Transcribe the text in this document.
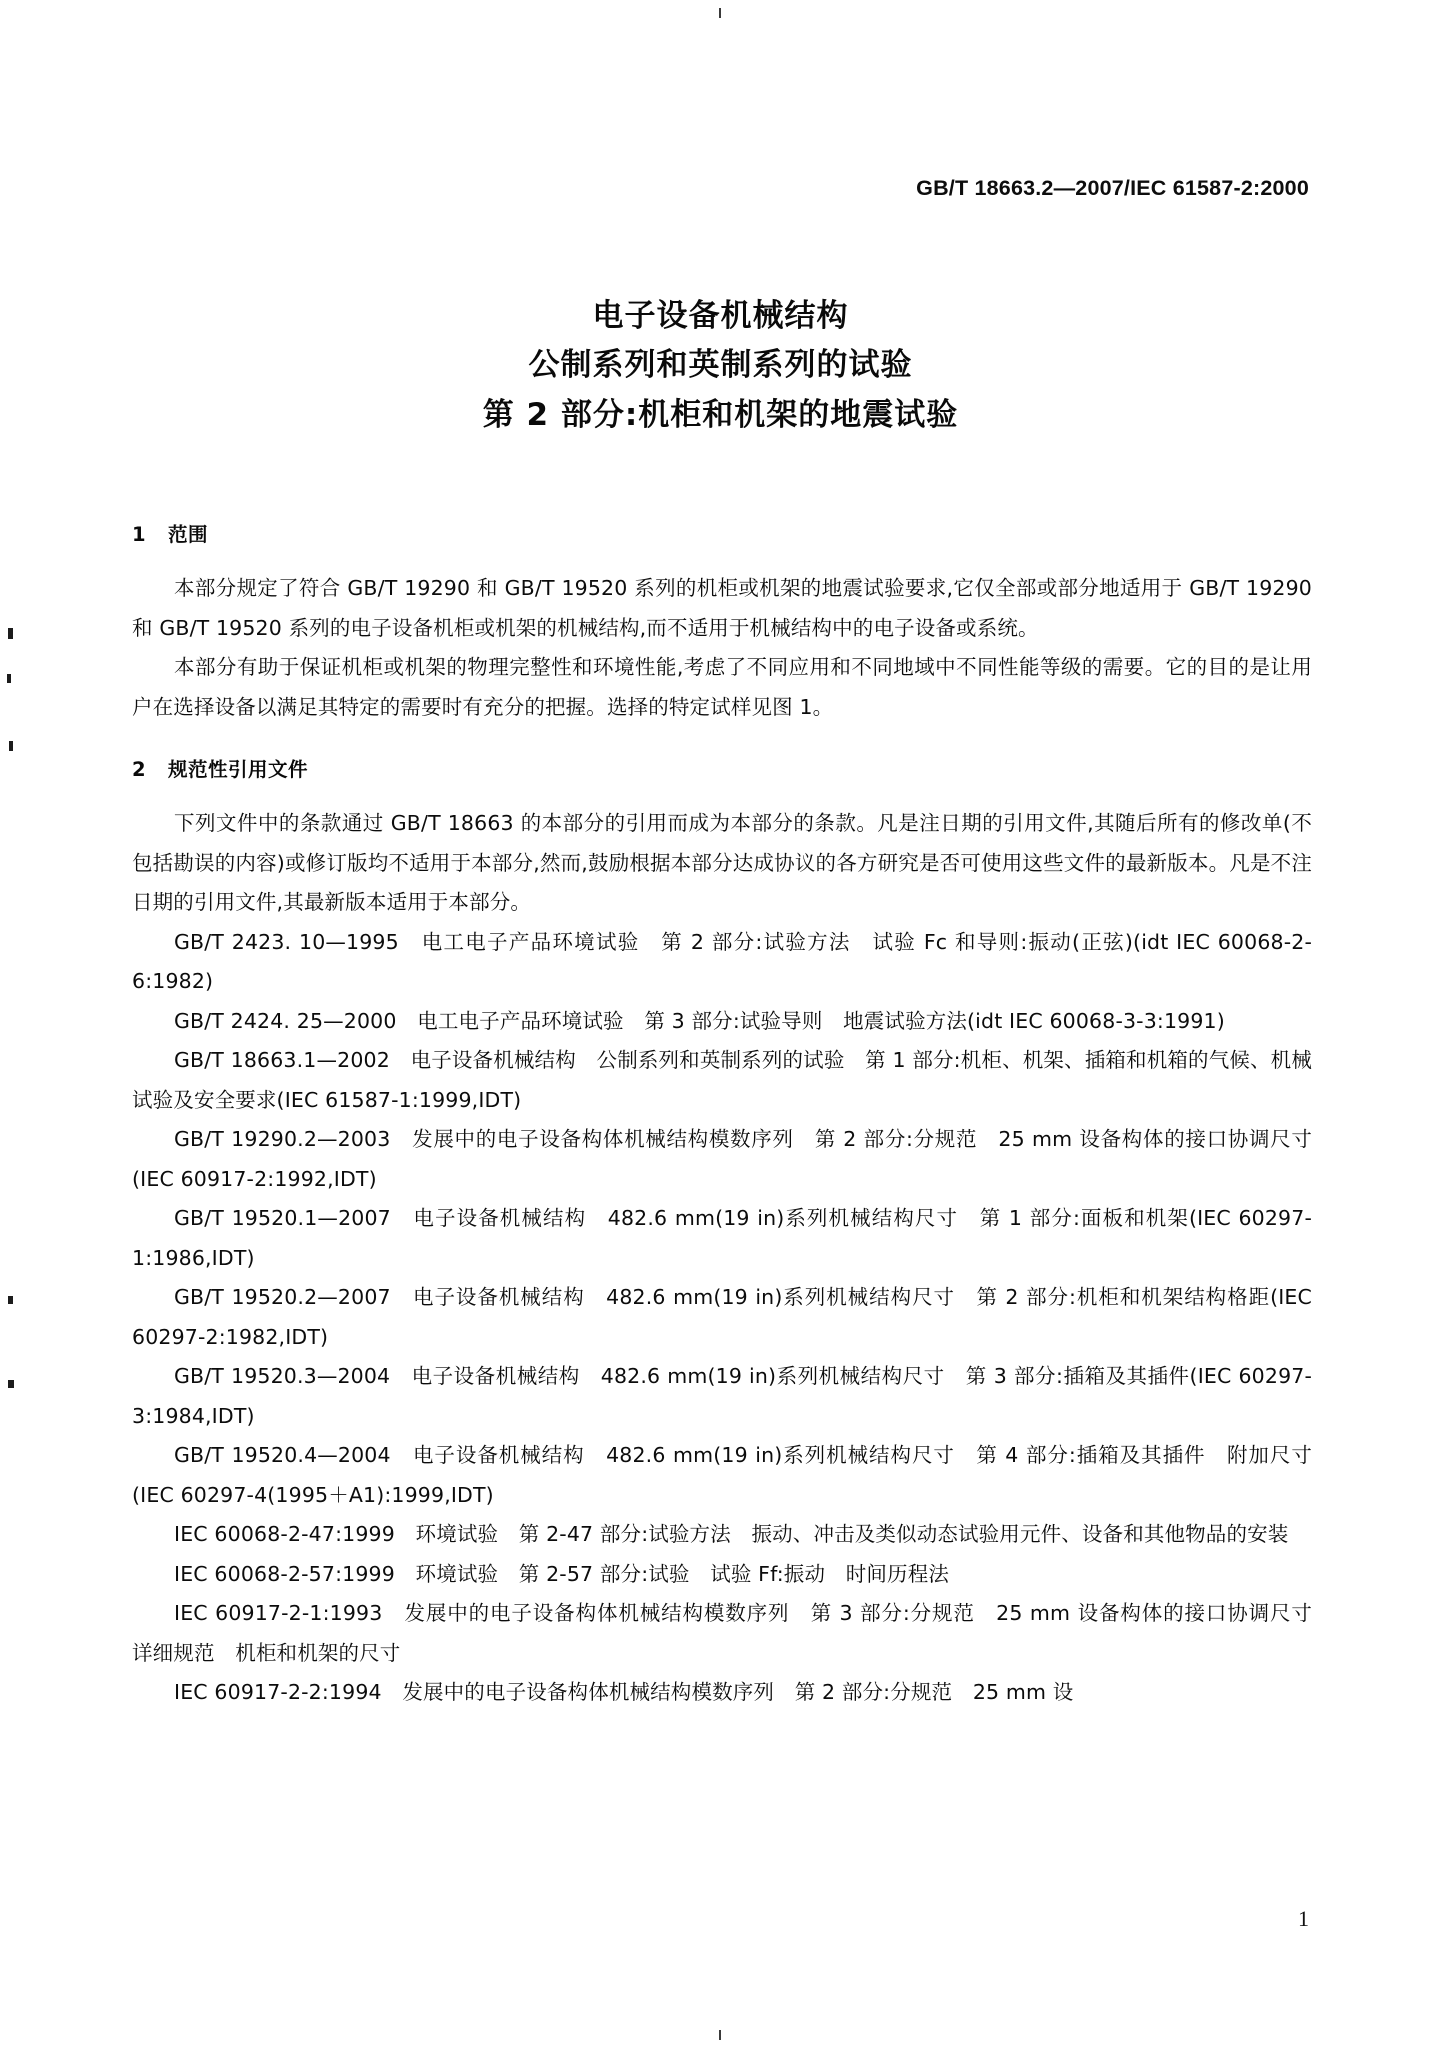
GB/T 18663.2—2007/IEC 61587-2:2000
电子设备机械结构
公制系列和英制系列的试验
第 2 部分:机柜和机架的地震试验
1 范围

本部分规定了符合 GB/T 19290 和 GB/T 19520 系列的机柜或机架的地震试验要求,它仅全部或部分地适用于 GB/T 19290 和 GB/T 19520 系列的电子设备机柜或机架的机械结构,而不适用于机械结构中的电子设备或系统。

本部分有助于保证机柜或机架的物理完整性和环境性能,考虑了不同应用和不同地域中不同性能等级的需要。它的目的是让用户在选择设备以满足其特定的需要时有充分的把握。选择的特定试样见图 1。

2 规范性引用文件

下列文件中的条款通过 GB/T 18663 的本部分的引用而成为本部分的条款。凡是注日期的引用文件,其随后所有的修改单(不包括勘误的内容)或修订版均不适用于本部分,然而,鼓励根据本部分达成协议的各方研究是否可使用这些文件的最新版本。凡是不注日期的引用文件,其最新版本适用于本部分。

GB/T 2423. 10—1995　电工电子产品环境试验　第 2 部分:试验方法　试验 Fc 和导则:振动(正弦)(idt IEC 60068-2-6:1982)

GB/T 2424. 25—2000　电工电子产品环境试验　第 3 部分:试验导则　地震试验方法(idt IEC 60068-3-3:1991)

GB/T 18663.1—2002　电子设备机械结构　公制系列和英制系列的试验　第 1 部分:机柜、机架、插箱和机箱的气候、机械试验及安全要求(IEC 61587-1:1999,IDT)

GB/T 19290.2—2003　发展中的电子设备构体机械结构模数序列　第 2 部分:分规范　25 mm 设备构体的接口协调尺寸(IEC 60917-2:1992,IDT)

GB/T 19520.1—2007　电子设备机械结构　482.6 mm(19 in)系列机械结构尺寸　第 1 部分:面板和机架(IEC 60297-1:1986,IDT)

GB/T 19520.2—2007　电子设备机械结构　482.6 mm(19 in)系列机械结构尺寸　第 2 部分:机柜和机架结构格距(IEC 60297-2:1982,IDT)

GB/T 19520.3—2004　电子设备机械结构　482.6 mm(19 in)系列机械结构尺寸　第 3 部分:插箱及其插件(IEC 60297-3:1984,IDT)

GB/T 19520.4—2004　电子设备机械结构　482.6 mm(19 in)系列机械结构尺寸　第 4 部分:插箱及其插件　附加尺寸(IEC 60297-4(1995＋A1):1999,IDT)

IEC 60068-2-47:1999　环境试验　第 2-47 部分:试验方法　振动、冲击及类似动态试验用元件、设备和其他物品的安装

IEC 60068-2-57:1999　环境试验　第 2-57 部分:试验　试验 Ff:振动　时间历程法

IEC 60917-2-1:1993　发展中的电子设备构体机械结构模数序列　第 3 部分:分规范　25 mm 设备构体的接口协调尺寸　详细规范　机柜和机架的尺寸

IEC 60917-2-2:1994　发展中的电子设备构体机械结构模数序列　第 2 部分:分规范　25 mm 设

1
